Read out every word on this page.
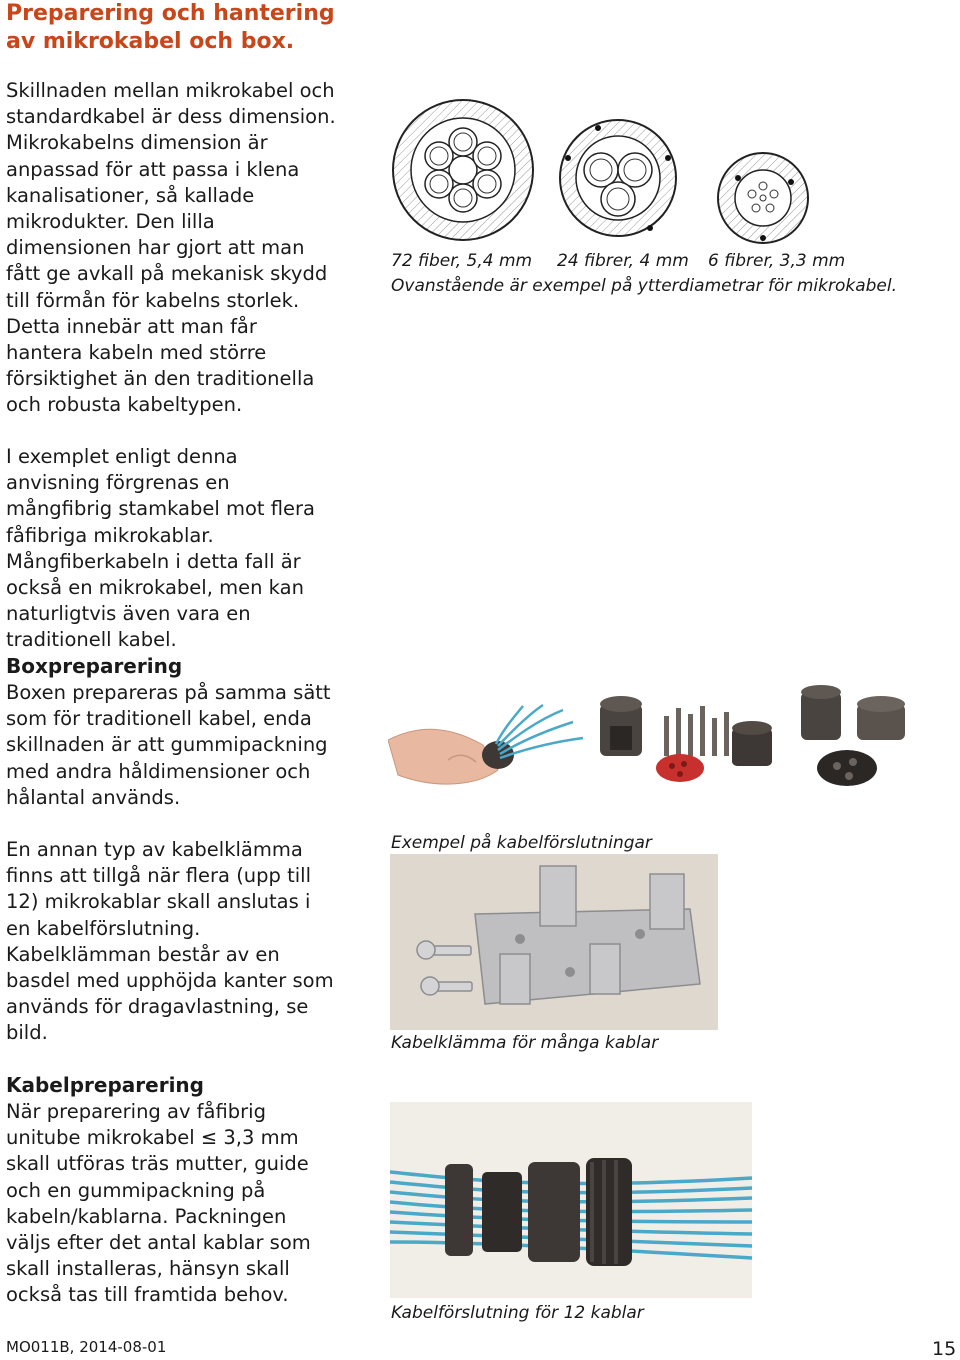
Preparering och hantering av mikrokabel och box.
Skillnaden mellan mikrokabel och standardkabel är dess dimension. Mikrokabelns dimension är anpassad för att passa i klena kanalisationer, så kallade mikrodukter. Den lilla dimensionen har gjort att man fått ge avkall på mekanisk skydd till förmån för kabelns storlek. Detta innebär att man får hantera kabeln med större försiktighet än den traditionella och robusta kabeltypen.
I exemplet enligt denna anvisning förgrenas en mångfibrig stamkabel mot flera fåfibriga mikrokablar. Mångfiberkabeln i detta fall är också en mikrokabel, men kan naturligtvis även vara en traditionell kabel.
Boxpreparering
Boxen prepareras på samma sätt som för traditionell kabel, enda skillnaden är att gummipackning med andra håldimensioner och hålantal används.
En annan typ av kabelklämma finns att tillgå när flera (upp till 12) mikrokablar skall anslutas i en kabelförslutning. Kabelklämman består av en basdel med upphöjda kanter som används för dragavlastning, se bild.
Kabelpreparering
När preparering av fåfibrig unitube mikrokabel ≤ 3,3 mm skall utföras träs mutter, guide och en gummipackning på kabeln/kablarna. Packningen väljs efter det antal kablar som skall installeras, hänsyn skall också tas till framtida behov.
72 fiber, 5,4 mm 24 fibrer, 4 mm 6 fibrer, 3,3 mm
Ovanstående är exempel på ytterdiametrar för mikrokabel.
Exempel på kabelförslutningar
Kabelklämma för många kablar
Kabelförslutning för 12 kablar
MO011B, 2014-08-01	15
